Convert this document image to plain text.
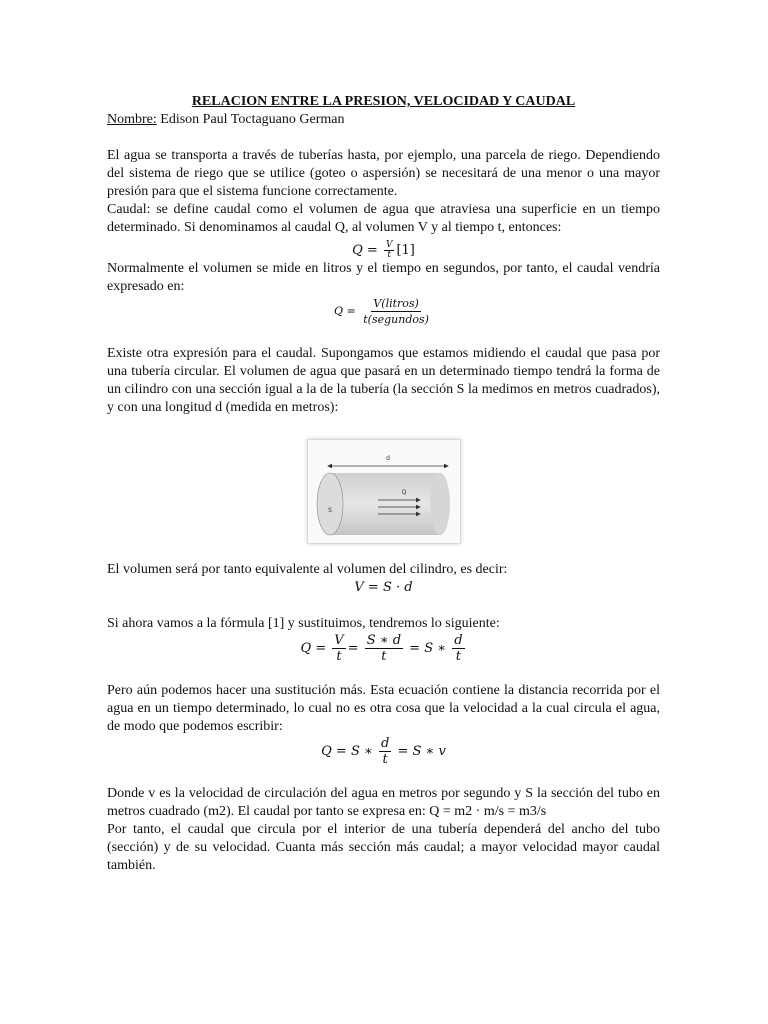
RELACION ENTRE LA PRESION, VELOCIDAD Y CAUDAL

Nombre: Edison Paul Toctaguano German

El agua se transporta a través de tuberías hasta, por ejemplo, una parcela de riego. Dependiendo del sistema de riego que se utilice (goteo o aspersión) se necesitará de una menor o una mayor presión para que el sistema funcione correctamente.

Caudal: se define caudal como el volumen de agua que atraviesa una superficie en un tiempo determinado. Si denominamos al caudal Q, al volumen V y al tiempo t, entonces:

$Q = \frac{V}{t} [1]$

Normalmente el volumen se mide en litros y el tiempo en segundos, por tanto, el caudal vendría expresado en:

$Q = \frac{\text{V(litros)}}{\text{t(segundos)}}$

Existe otra expresión para el caudal. Supongamos que estamos midiendo el caudal que pasa por una tubería circular. El volumen de agua que pasará en un determinado tiempo tendrá la forma de un cilindro con una sección igual a la de la tubería (la sección S la medimos en metros cuadrados), y con una longitud d (medida en metros):

d
Q
S

El volumen será por tanto equivalente al volumen del cilindro, es decir:

V = S · d

Si ahora vamos a la fórmula [1] y sustituimos, tendremos lo siguiente:

$Q = \frac{V}{t} = \frac{S ∗ d}{t} = S$ ∗ $\frac{d}{t}$

Pero aún podemos hacer una sustitución más. Esta ecuación contiene la distancia recorrida por el agua en un tiempo determinado, lo cual no es otra cosa que la velocidad a la cual circula el agua, de modo que podemos escribir:

Q = S ∗ $\frac{d}{t} = S$ ∗ v

Donde v es la velocidad de circulación del agua en metros por segundo y S la sección del tubo en metros cuadrado (m2). El caudal por tanto se expresa en: Q = m2 · m/s = m3/s

Por tanto, el caudal que circula por el interior de una tubería dependerá del ancho del tubo (sección) y de su velocidad. Cuanta más sección más caudal; a mayor velocidad mayor caudal también.
